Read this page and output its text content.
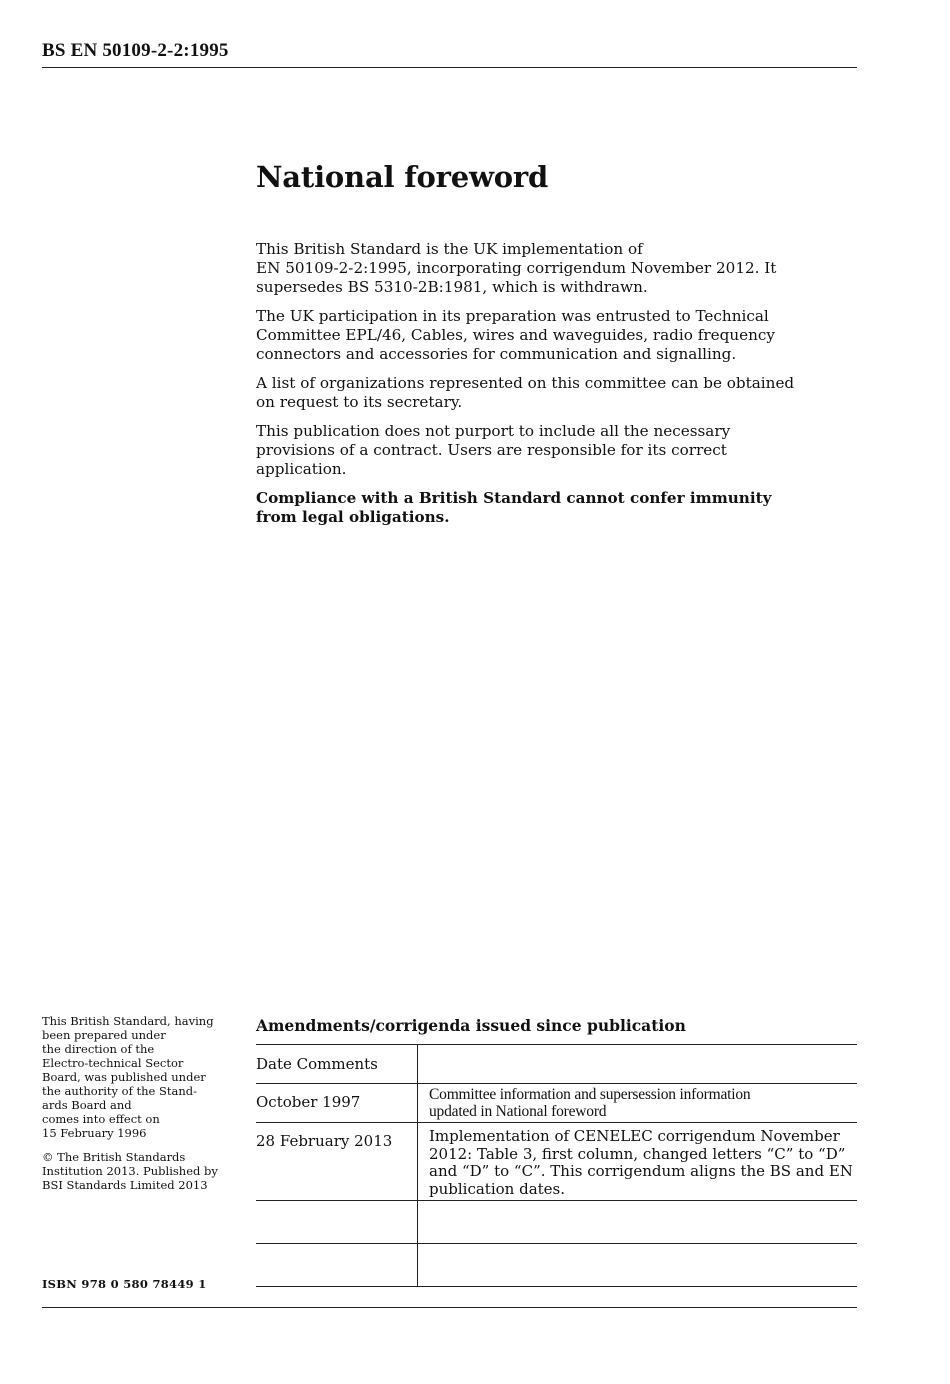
BS EN 50109-2-2:1995
National foreword

This British Standard is the UK implementation of
EN 50109-2-2:1995, incorporating corrigendum November 2012. It
supersedes BS 5310-2B:1981, which is withdrawn.

The UK participation in its preparation was entrusted to Technical
Committee EPL/46, Cables, wires and waveguides, radio frequency
connectors and accessories for communication and signalling.

A list of organizations represented on this committee can be obtained
on request to its secretary.

This publication does not purport to include all the necessary
provisions of a contract. Users are responsible for its correct
application.

Compliance with a British Standard cannot confer immunity
from legal obligations.

This British Standard, having
been prepared under
the direction of the
Electro-technical Sector
Board, was published under
the authority of the Stand-
ards Board and
comes into effect on
15 February 1996

© The British Standards
Institution 2013. Published by
BSI Standards Limited 2013

ISBN 978 0 580 78449 1
Amendments/corrigenda issued since publication
Date Comments	
October 1997	Committee information and supersession information
updated in National foreword
28 February 2013	Implementation of CENELEC corrigendum November
2012: Table 3, first column, changed letters “C” to “D”
and “D” to “C”. This corrigendum aligns the BS and EN
publication dates.
